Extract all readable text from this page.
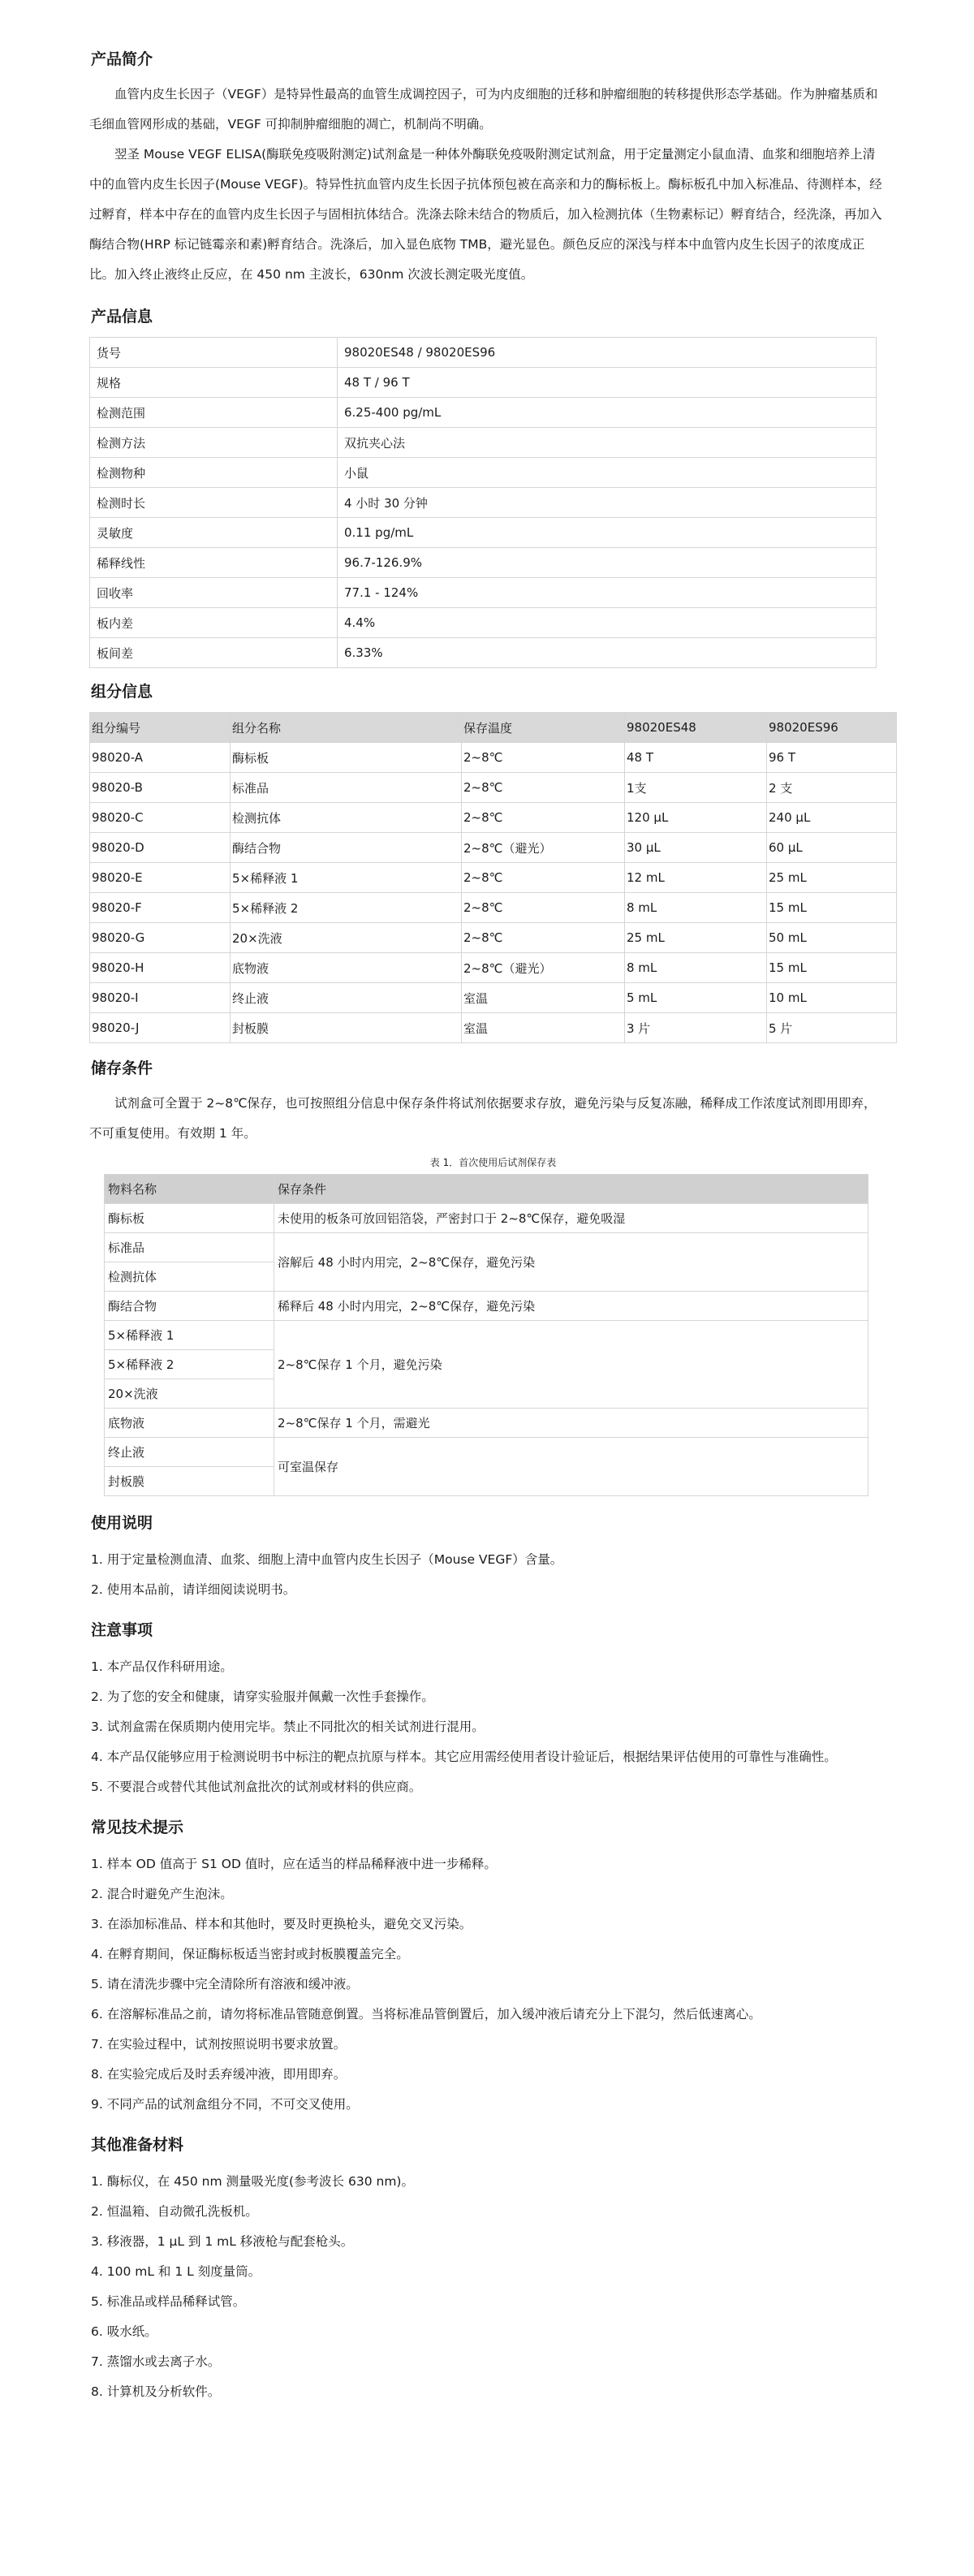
产品简介

血管内皮生长因子（VEGF）是特异性最高的血管生成调控因子，可为内皮细胞的迁移和肿瘤细胞的转移提供形态学基础。作为肿瘤基质和毛细血管网形成的基础，VEGF 可抑制肿瘤细胞的凋亡，机制尚不明确。

翌圣 Mouse VEGF ELISA(酶联免疫吸附测定)试剂盒是一种体外酶联免疫吸附测定试剂盒，用于定量测定小鼠血清、血浆和细胞培养上清中的血管内皮生长因子(Mouse VEGF)。特异性抗血管内皮生长因子抗体预包被在高亲和力的酶标板上。酶标板孔中加入标准品、待测样本，经过孵育，样本中存在的血管内皮生长因子与固相抗体结合。洗涤去除未结合的物质后，加入检测抗体（生物素标记）孵育结合，经洗涤，再加入酶结合物(HRP 标记链霉亲和素)孵育结合。洗涤后，加入显色底物 TMB，避光显色。颜色反应的深浅与样本中血管内皮生长因子的浓度成正比。加入终止液终止反应，在 450 nm 主波长，630nm 次波长测定吸光度值。

产品信息
货号	98020ES48 / 98020ES96
规格	48 T / 96 T
检测范围	6.25-400 pg/mL
检测方法	双抗夹心法
检测物种	小鼠
检测时长	4 小时 30 分钟
灵敏度	0.11 pg/mL
稀释线性	96.7-126.9%
回收率	77.1 - 124%
板内差	4.4%
板间差	6.33%
组分信息
组分编号	组分名称	保存温度	98020ES48	98020ES96
98020-A	酶标板	2~8℃	48 T	96 T
98020-B	标准品	2~8℃	1支	2 支
98020-C	检测抗体	2~8℃	120 μL	240 μL
98020-D	酶结合物	2~8℃（避光）	30 μL	60 μL
98020-E	5×稀释液 1	2~8℃	12 mL	25 mL
98020-F	5×稀释液 2	2~8℃	8 mL	15 mL
98020-G	20×洗液	2~8℃	25 mL	50 mL
98020-H	底物液	2~8℃（避光）	8 mL	15 mL
98020-I	终止液	室温	5 mL	10 mL
98020-J	封板膜	室温	3 片	5 片
储存条件

试剂盒可全置于 2~8℃保存，也可按照组分信息中保存条件将试剂依据要求存放，避免污染与反复冻融，稀释成工作浓度试剂即用即弃，不可重复使用。有效期 1 年。

表 1．首次使用后试剂保存表
物料名称	保存条件
酶标板	未使用的板条可放回铝箔袋，严密封口于 2~8℃保存，避免吸湿
标准品	溶解后 48 小时内用完，2~8℃保存，避免污染
检测抗体	
酶结合物	稀释后 48 小时内用完，2~8℃保存，避免污染
5×稀释液 1	2~8℃保存 1 个月，避免污染
5×稀释液 2	
20×洗液	
底物液	2~8℃保存 1 个月，需避光
终止液	可室温保存
封板膜	
使用说明
1. 用于定量检测血清、血浆、细胞上清中血管内皮生长因子（Mouse VEGF）含量。
2. 使用本品前，请详细阅读说明书。
注意事项
1. 本产品仅作科研用途。
2. 为了您的安全和健康，请穿实验服并佩戴一次性手套操作。
3. 试剂盒需在保质期内使用完毕。禁止不同批次的相关试剂进行混用。
4. 本产品仅能够应用于检测说明书中标注的靶点抗原与样本。其它应用需经使用者设计验证后，根据结果评估使用的可靠性与准确性。
5. 不要混合或替代其他试剂盒批次的试剂或材料的供应商。
常见技术提示
1. 样本 OD 值高于 S1 OD 值时，应在适当的样品稀释液中进一步稀释。
2. 混合时避免产生泡沫。
3. 在添加标准品、样本和其他时，要及时更换枪头，避免交叉污染。
4. 在孵育期间，保证酶标板适当密封或封板膜覆盖完全。
5. 请在清洗步骤中完全清除所有溶液和缓冲液。
6. 在溶解标准品之前，请勿将标准品管随意倒置。当将标准品管倒置后，加入缓冲液后请充分上下混匀，然后低速离心。
7. 在实验过程中，试剂按照说明书要求放置。
8. 在实验完成后及时丢弃缓冲液，即用即弃。
9. 不同产品的试剂盒组分不同，不可交叉使用。
其他准备材料
1. 酶标仪，在 450 nm 测量吸光度(参考波长 630 nm)。
2. 恒温箱、自动微孔洗板机。
3. 移液器，1 μL 到 1 mL 移液枪与配套枪头。
4. 100 mL 和 1 L 刻度量筒。
5. 标准品或样品稀释试管。
6. 吸水纸。
7. 蒸馏水或去离子水。
8. 计算机及分析软件。
